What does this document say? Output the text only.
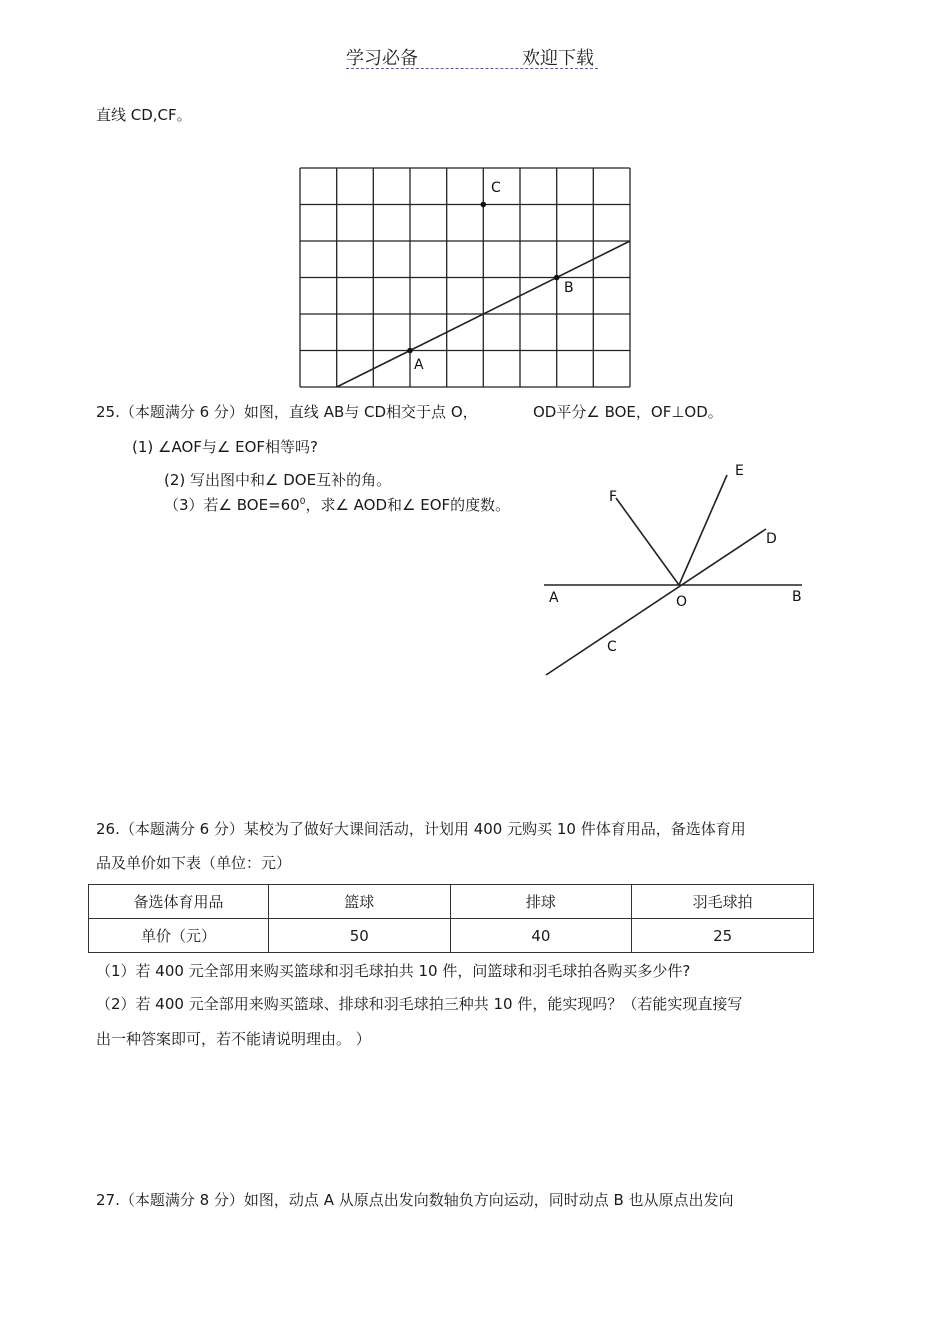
学习必备	欢迎下载
直线 CD,CF。
C
B
A
25.（本题满分 6 分）如图，直线 AB与 CD相交于点 O，	OD平分∠ BOE，OF⊥OD。
(1) ∠AOF与∠ EOF相等吗?
(2) 写出图中和∠ DOE互补的角。
（3）若∠ $BOE=60^0$，求∠ AOD和∠ EOF的度数。
E
F
D
A	O	B
C
26.（本题满分 6 分）某校为了做好大课间活动，计划用 400 元购买 10 件体育用品，备选体育用
品及单价如下表（单位：元）
备选体育用品	篮球	排球	羽毛球拍
单价（元）	50	40	25
（1）若 400 元全部用来购买篮球和羽毛球拍共 10 件，问篮球和羽毛球拍各购买多少件?
（2）若 400 元全部用来购买篮球、排球和羽毛球拍三种共 10 件，能实现吗？（若能实现直接写
出一种答案即可，若不能请说明理由。 ）
27.（本题满分 8 分）如图，动点 A 从原点出发向数轴负方向运动，同时动点 B 也从原点出发向
